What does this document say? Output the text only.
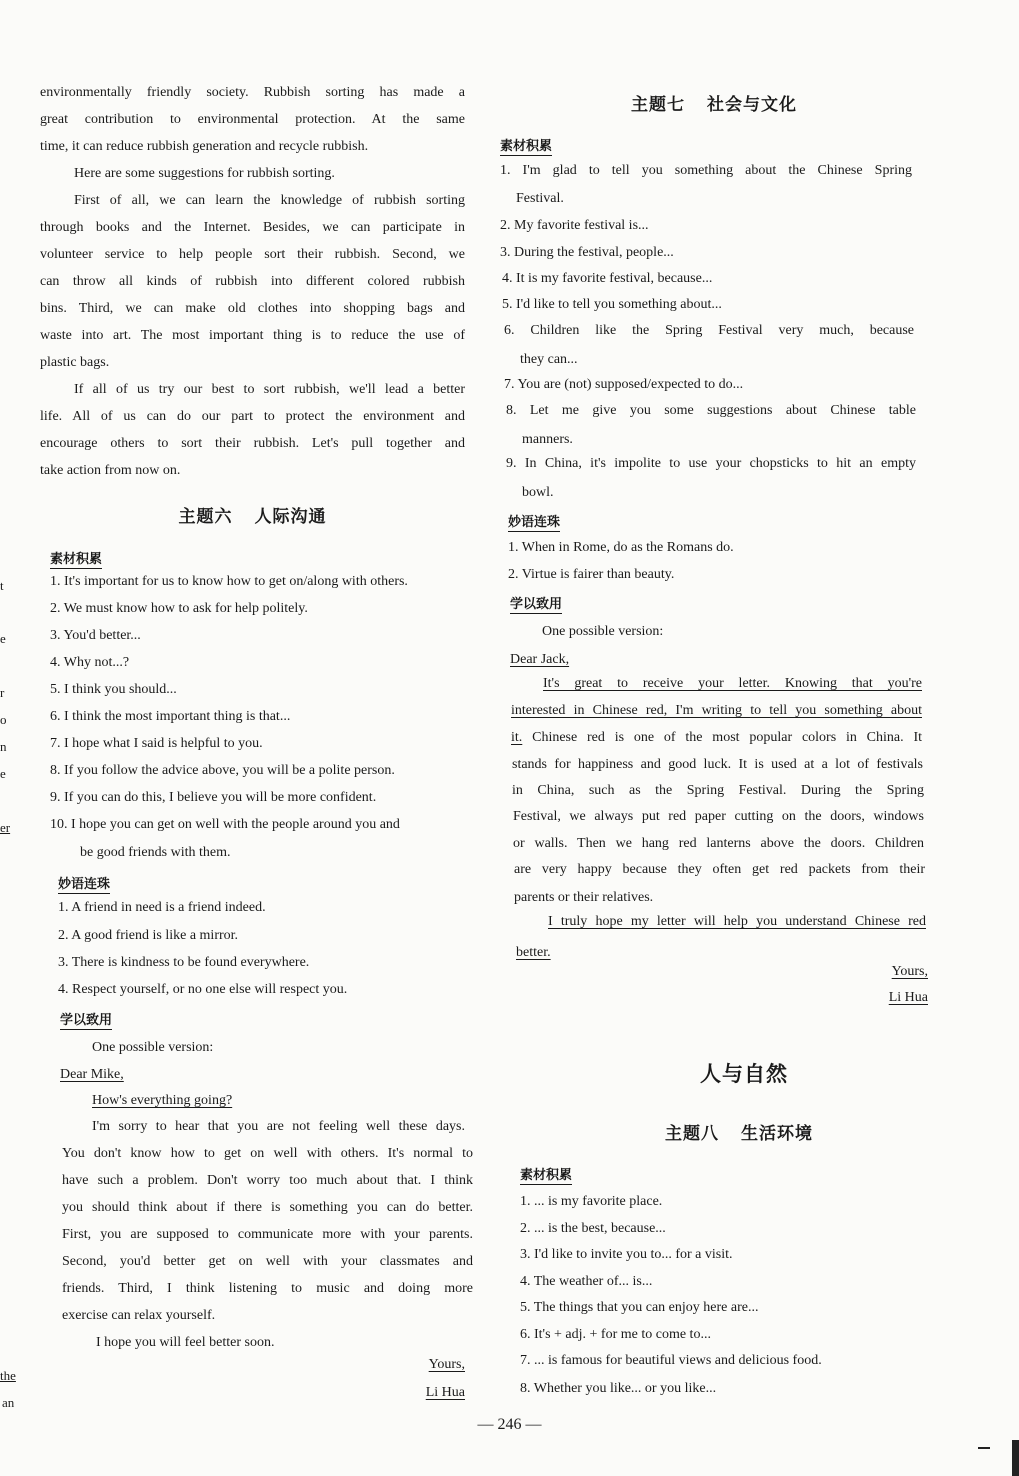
environmentally friendly society. Rubbish sorting has made a
great contribution to environmental protection. At the same
time, it can reduce rubbish generation and recycle rubbish.
Here are some suggestions for rubbish sorting.
First of all, we can learn the knowledge of rubbish sorting
through books and the Internet. Besides, we can participate in
volunteer service to help people sort their rubbish. Second, we
can throw all kinds of rubbish into different colored rubbish
bins. Third, we can make old clothes into shopping bags and
waste into art. The most important thing is to reduce the use of
plastic bags.
If all of us try our best to sort rubbish, we'll lead a better
life. All of us can do our part to protect the environment and
encourage others to sort their rubbish. Let's pull together and
take action from now on.
主题六 人际沟通
素材积累
1. It's important for us to know how to get on/along with others.
2. We must know how to ask for help politely.
3. You'd better...
4. Why not...?
5. I think you should...
6. I think the most important thing is that...
7. I hope what I said is helpful to you.
8. If you follow the advice above, you will be a polite person.
9. If you can do this, I believe you will be more confident.
10. I hope you can get on well with the people around you and
be good friends with them.
妙语连珠
1. A friend in need is a friend indeed.
2. A good friend is like a mirror.
3. There is kindness to be found everywhere.
4. Respect yourself, or no one else will respect you.
学以致用
One possible version:
Dear Mike,
How's everything going?
I'm sorry to hear that you are not feeling well these days.
You don't know how to get on well with others. It's normal to
have such a problem. Don't worry too much about that. I think
you should think about if there is something you can do better.
First, you are supposed to communicate more with your parents.
Second, you'd better get on well with your classmates and
friends. Third, I think listening to music and doing more
exercise can relax yourself.
I hope you will feel better soon.
Yours,
Li Hua
主题七 社会与文化
素材积累
1. I'm glad to tell you something about the Chinese Spring
Festival.
2. My favorite festival is...
3. During the festival, people...
4. It is my favorite festival, because...
5. I'd like to tell you something about...
6. Children like the Spring Festival very much, because
they can...
7. You are (not) supposed/expected to do...
8. Let me give you some suggestions about Chinese table
manners.
9. In China, it's impolite to use your chopsticks to hit an empty
bowl.
妙语连珠
1. When in Rome, do as the Romans do.
2. Virtue is fairer than beauty.
学以致用
One possible version:
Dear Jack,
It's great to receive your letter. Knowing that you're
interested in Chinese red, I'm writing to tell you something about
it. Chinese red is one of the most popular colors in China. It
stands for happiness and good luck. It is used at a lot of festivals
in China, such as the Spring Festival. During the Spring
Festival, we always put red paper cutting on the doors, windows
or walls. Then we hang red lanterns above the doors. Children
are very happy because they often get red packets from their
parents or their relatives.
I truly hope my letter will help you understand Chinese red
better.
Yours,
Li Hua
人与自然
主题八 生活环境
素材积累
1. ... is my favorite place.
2. ... is the best, because...
3. I'd like to invite you to... for a visit.
4. The weather of... is...
5. The things that you can enjoy here are...
6. It's + adj. + for me to come to...
7. ... is famous for beautiful views and delicious food.
8. Whether you like... or you like...
— 246 —
t
e
r
o
n
e
er
the
an
